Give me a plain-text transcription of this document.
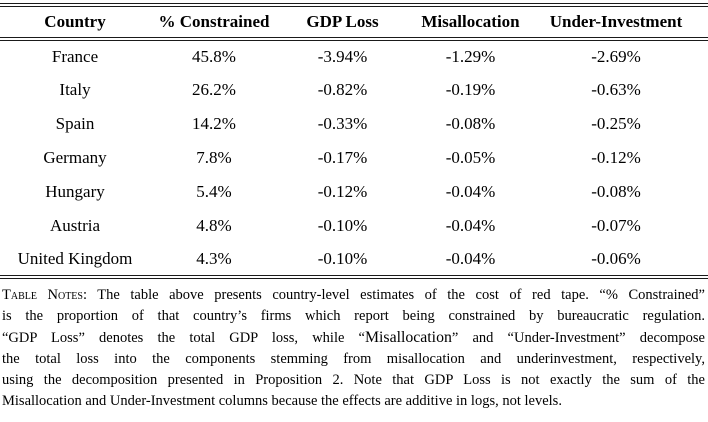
Country	% Constrained	GDP Loss	Misallocation	Under-Investment
France	45.8%	-3.94%	-1.29%	-2.69%
Italy	26.2%	-0.82%	-0.19%	-0.63%
Spain	14.2%	-0.33%	-0.08%	-0.25%
Germany	7.8%	-0.17%	-0.05%	-0.12%
Hungary	5.4%	-0.12%	-0.04%	-0.08%
Austria	4.8%	-0.10%	-0.04%	-0.07%
United Kingdom	4.3%	-0.10%	-0.04%	-0.06%
Table Notes: The table above presents country-level estimates of the cost of red tape. “% Constrained”
is the proportion of that country’s firms which report being constrained by bureaucratic regulation.
“GDP Loss” denotes the total GDP loss, while “Misallocation” and “Under-Investment” decompose
the total loss into the components stemming from misallocation and underinvestment, respectively,
using the decomposition presented in Proposition 2. Note that GDP Loss is not exactly the sum of the
Misallocation and Under-Investment columns because the effects are additive in logs, not levels.
